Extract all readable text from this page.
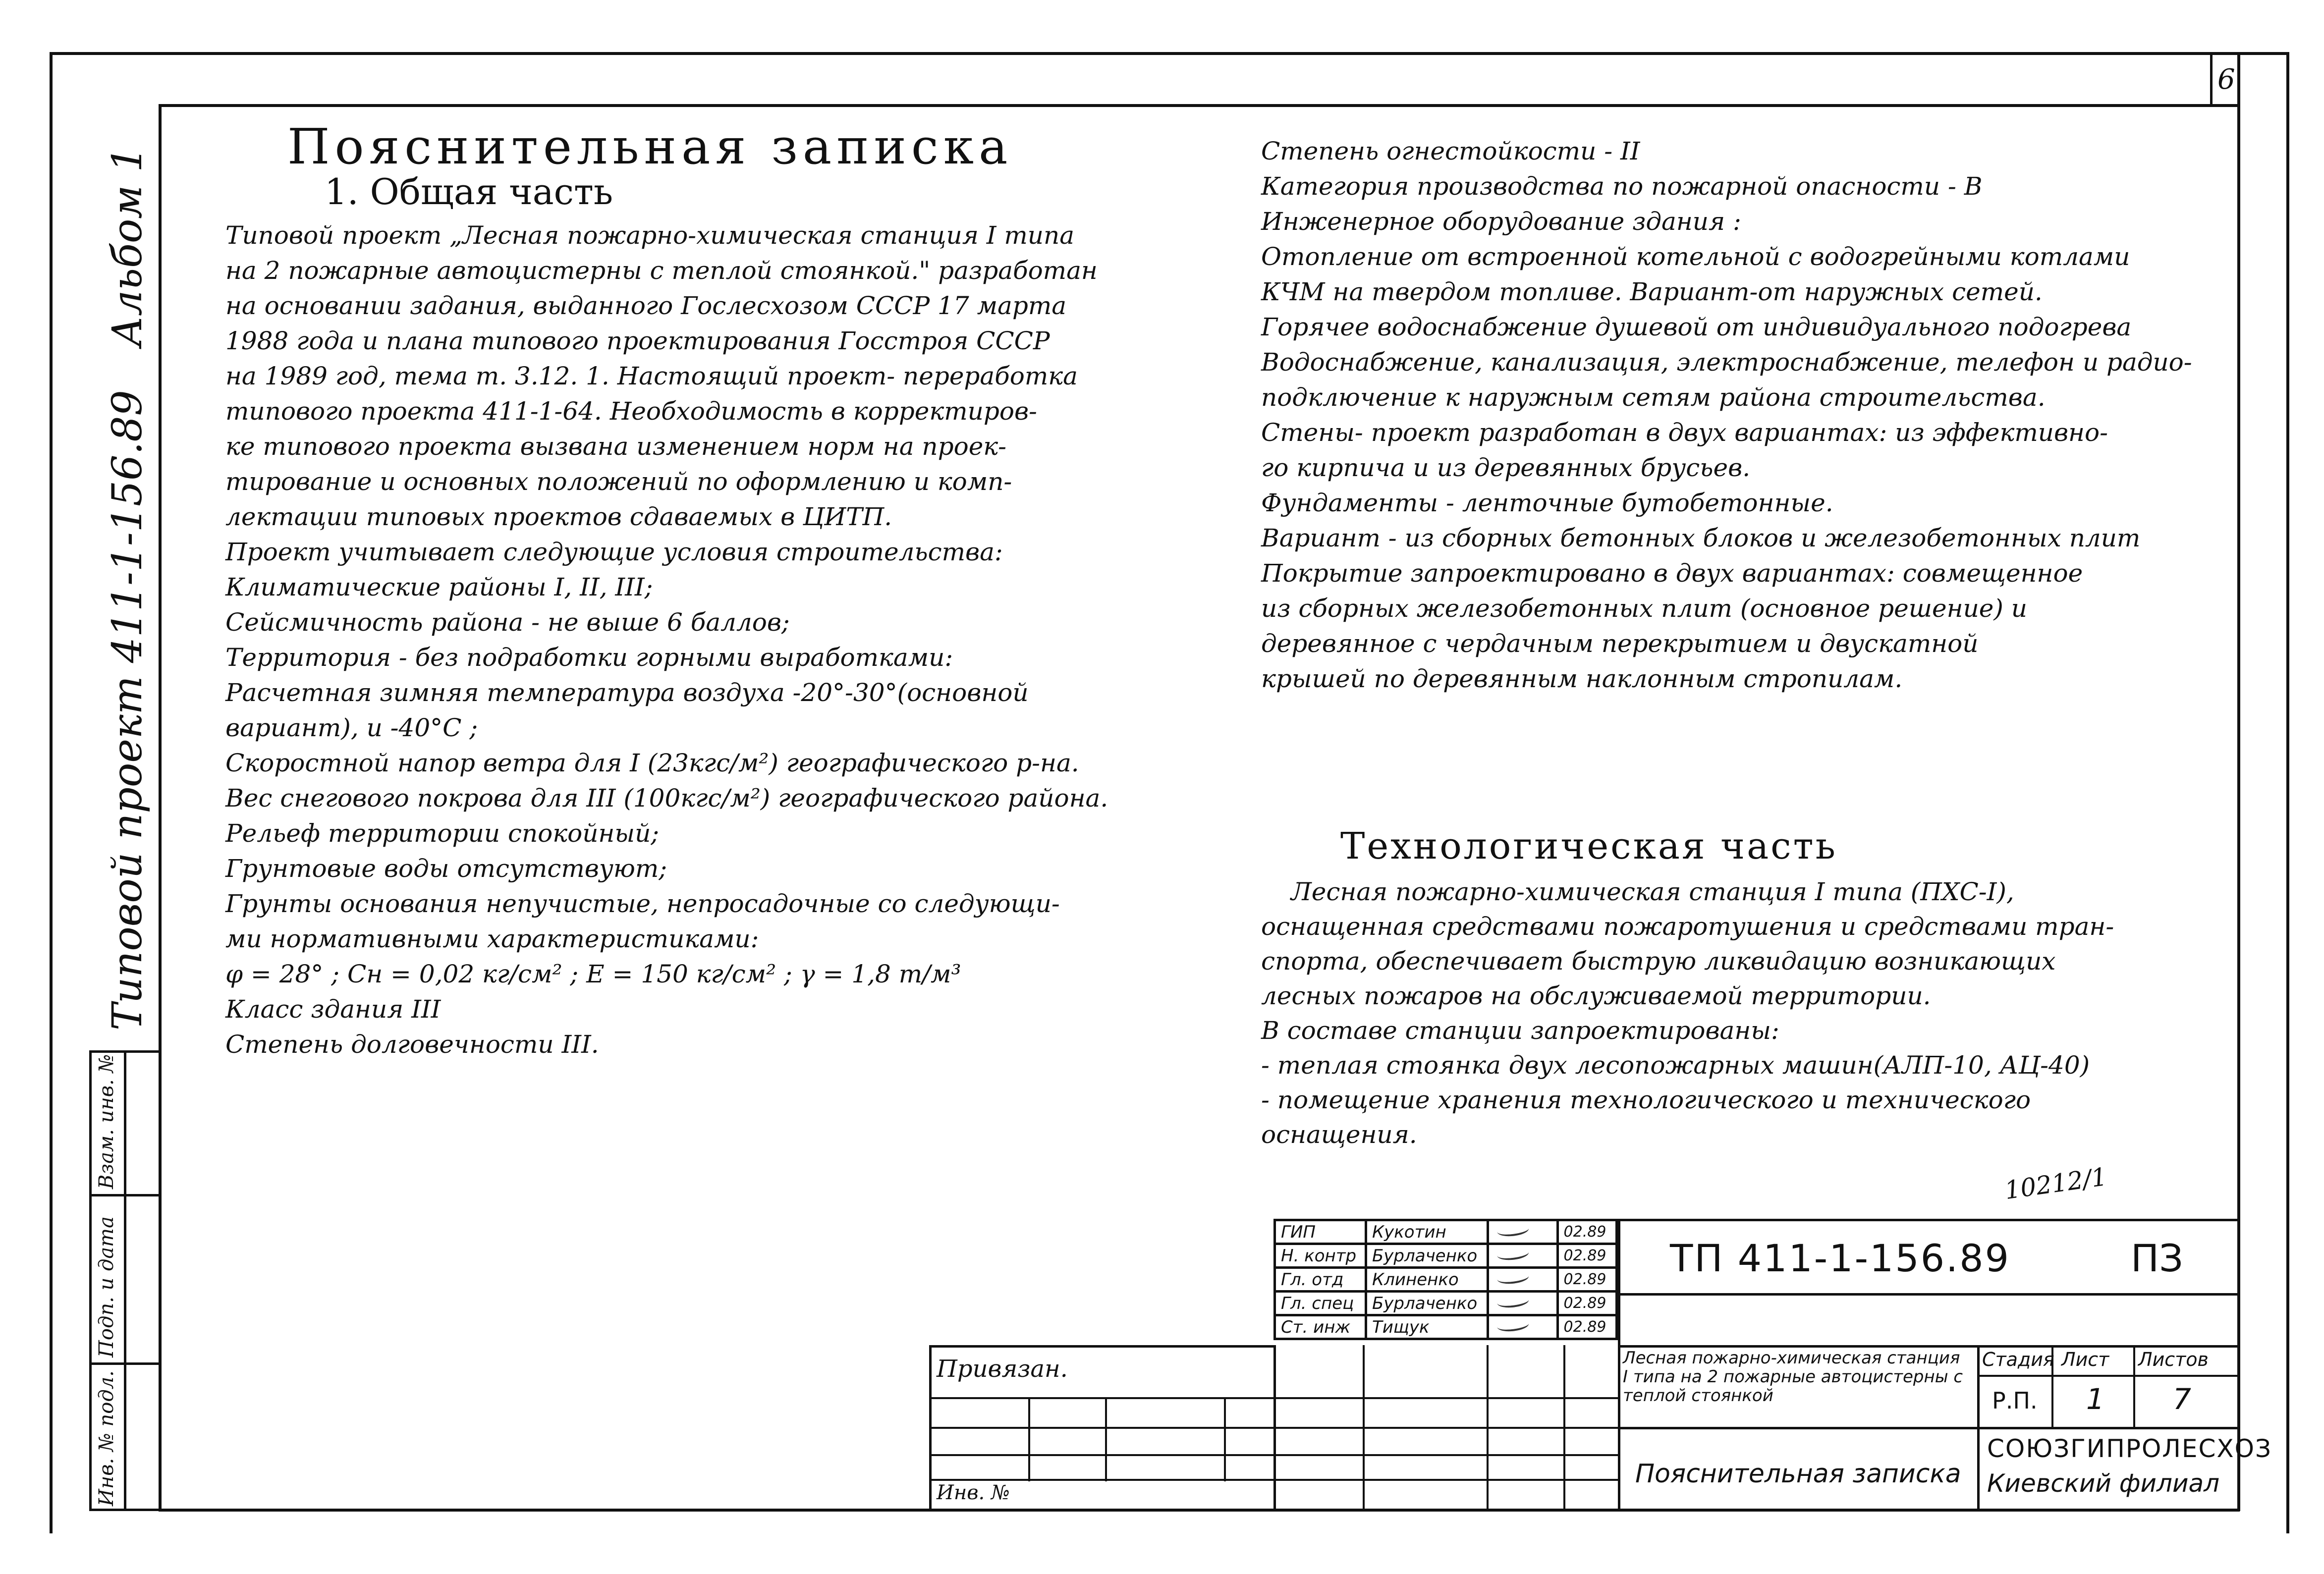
6
Альбом 1
Типовой проект 411-1-156.89
Инв. № подл.
Подп. и дата
Взам. инв. №
Пояснительная записка
1. Общая часть
Типовой проект „Лесная пожарно-химическая станция I типа
на 2 пожарные автоцистерны с теплой стоянкой." разработан
на основании задания, выданного Гослесхозом СССР 17 марта
1988 года и плана типового проектирования Госстроя СССР
на 1989 год, тема т. 3.12. 1. Настоящий проект- переработка
типового проекта 411-1-64. Необходимость в корректиров-
ке типового проекта вызвана изменением норм на проек-
тирование и основных положений по оформлению и комп-
лектации типовых проектов сдаваемых в ЦИТП.
Проект учитывает следующие условия строительства:
Климатические районы I, II, III;
Сейсмичность района - не выше 6 баллов;
Территория - без подработки горными выработками:
Расчетная зимняя температура воздуха -20°-30°(основной
вариант), и -40°С ;
Скоростной напор ветра для I (23кгс/м²) географического р-на.
Вес снегового покрова для III (100кгс/м²) географического района.
Рельеф территории спокойный;
Грунтовые воды отсутствуют;
Грунты основания непучистые, непросадочные со следующи-
ми нормативными характеристиками:
φ = 28° ; Сн = 0,02 кг/см² ; Е = 150 кг/см² ; γ = 1,8 т/м³
Класс здания III
Степень долговечности III.
Степень огнестойкости - II
Категория производства по пожарной опасности - В
Инженерное оборудование здания :
Отопление от встроенной котельной с водогрейными котлами
КЧМ на твердом топливе. Вариант-от наружных сетей.
Горячее водоснабжение душевой от индивидуального подогрева
Водоснабжение, канализация, электроснабжение, телефон и радио-
подключение к наружным сетям района строительства.
Стены- проект разработан в двух вариантах: из эффективно-
го кирпича и из деревянных брусьев.
Фундаменты - ленточные бутобетонные.
Вариант - из сборных бетонных блоков и железобетонных плит
Покрытие запроектировано в двух вариантах: совмещенное
из сборных железобетонных плит (основное решение) и
деревянное с чердачным перекрытием и двускатной
крышей по деревянным наклонным стропилам.
Технологическая часть
Лесная пожарно-химическая станция I типа (ПХС-I),
оснащенная средствами пожаротушения и средствами тран-
спорта, обеспечивает быструю ликвидацию возникающих
лесных пожаров на обслуживаемой территории.
В составе станции запроектированы:
- теплая стоянка двух лесопожарных машин(АЛП-10, АЦ-40)
- помещение хранения технологического и технического
оснащения.
10212/1
Привязан.
Инв. №
ГИП	Кукотин		02.89
Н. контр	Бурлаченко		02.89
Гл. отд	Клиненко		02.89
Гл. спец	Бурлаченко		02.89
Ст. инж	Тищук		02.89
ТП 411-1-156.89	ПЗ
Лесная пожарно-химическая станция I типа на 2 пожарные автоцистерны с теплой стоянкой
Стадия Лист Листов
Р.П. 1 7
Пояснительная записка
СОЮЗГИПРОЛЕСХОЗ
Киевский филиал
